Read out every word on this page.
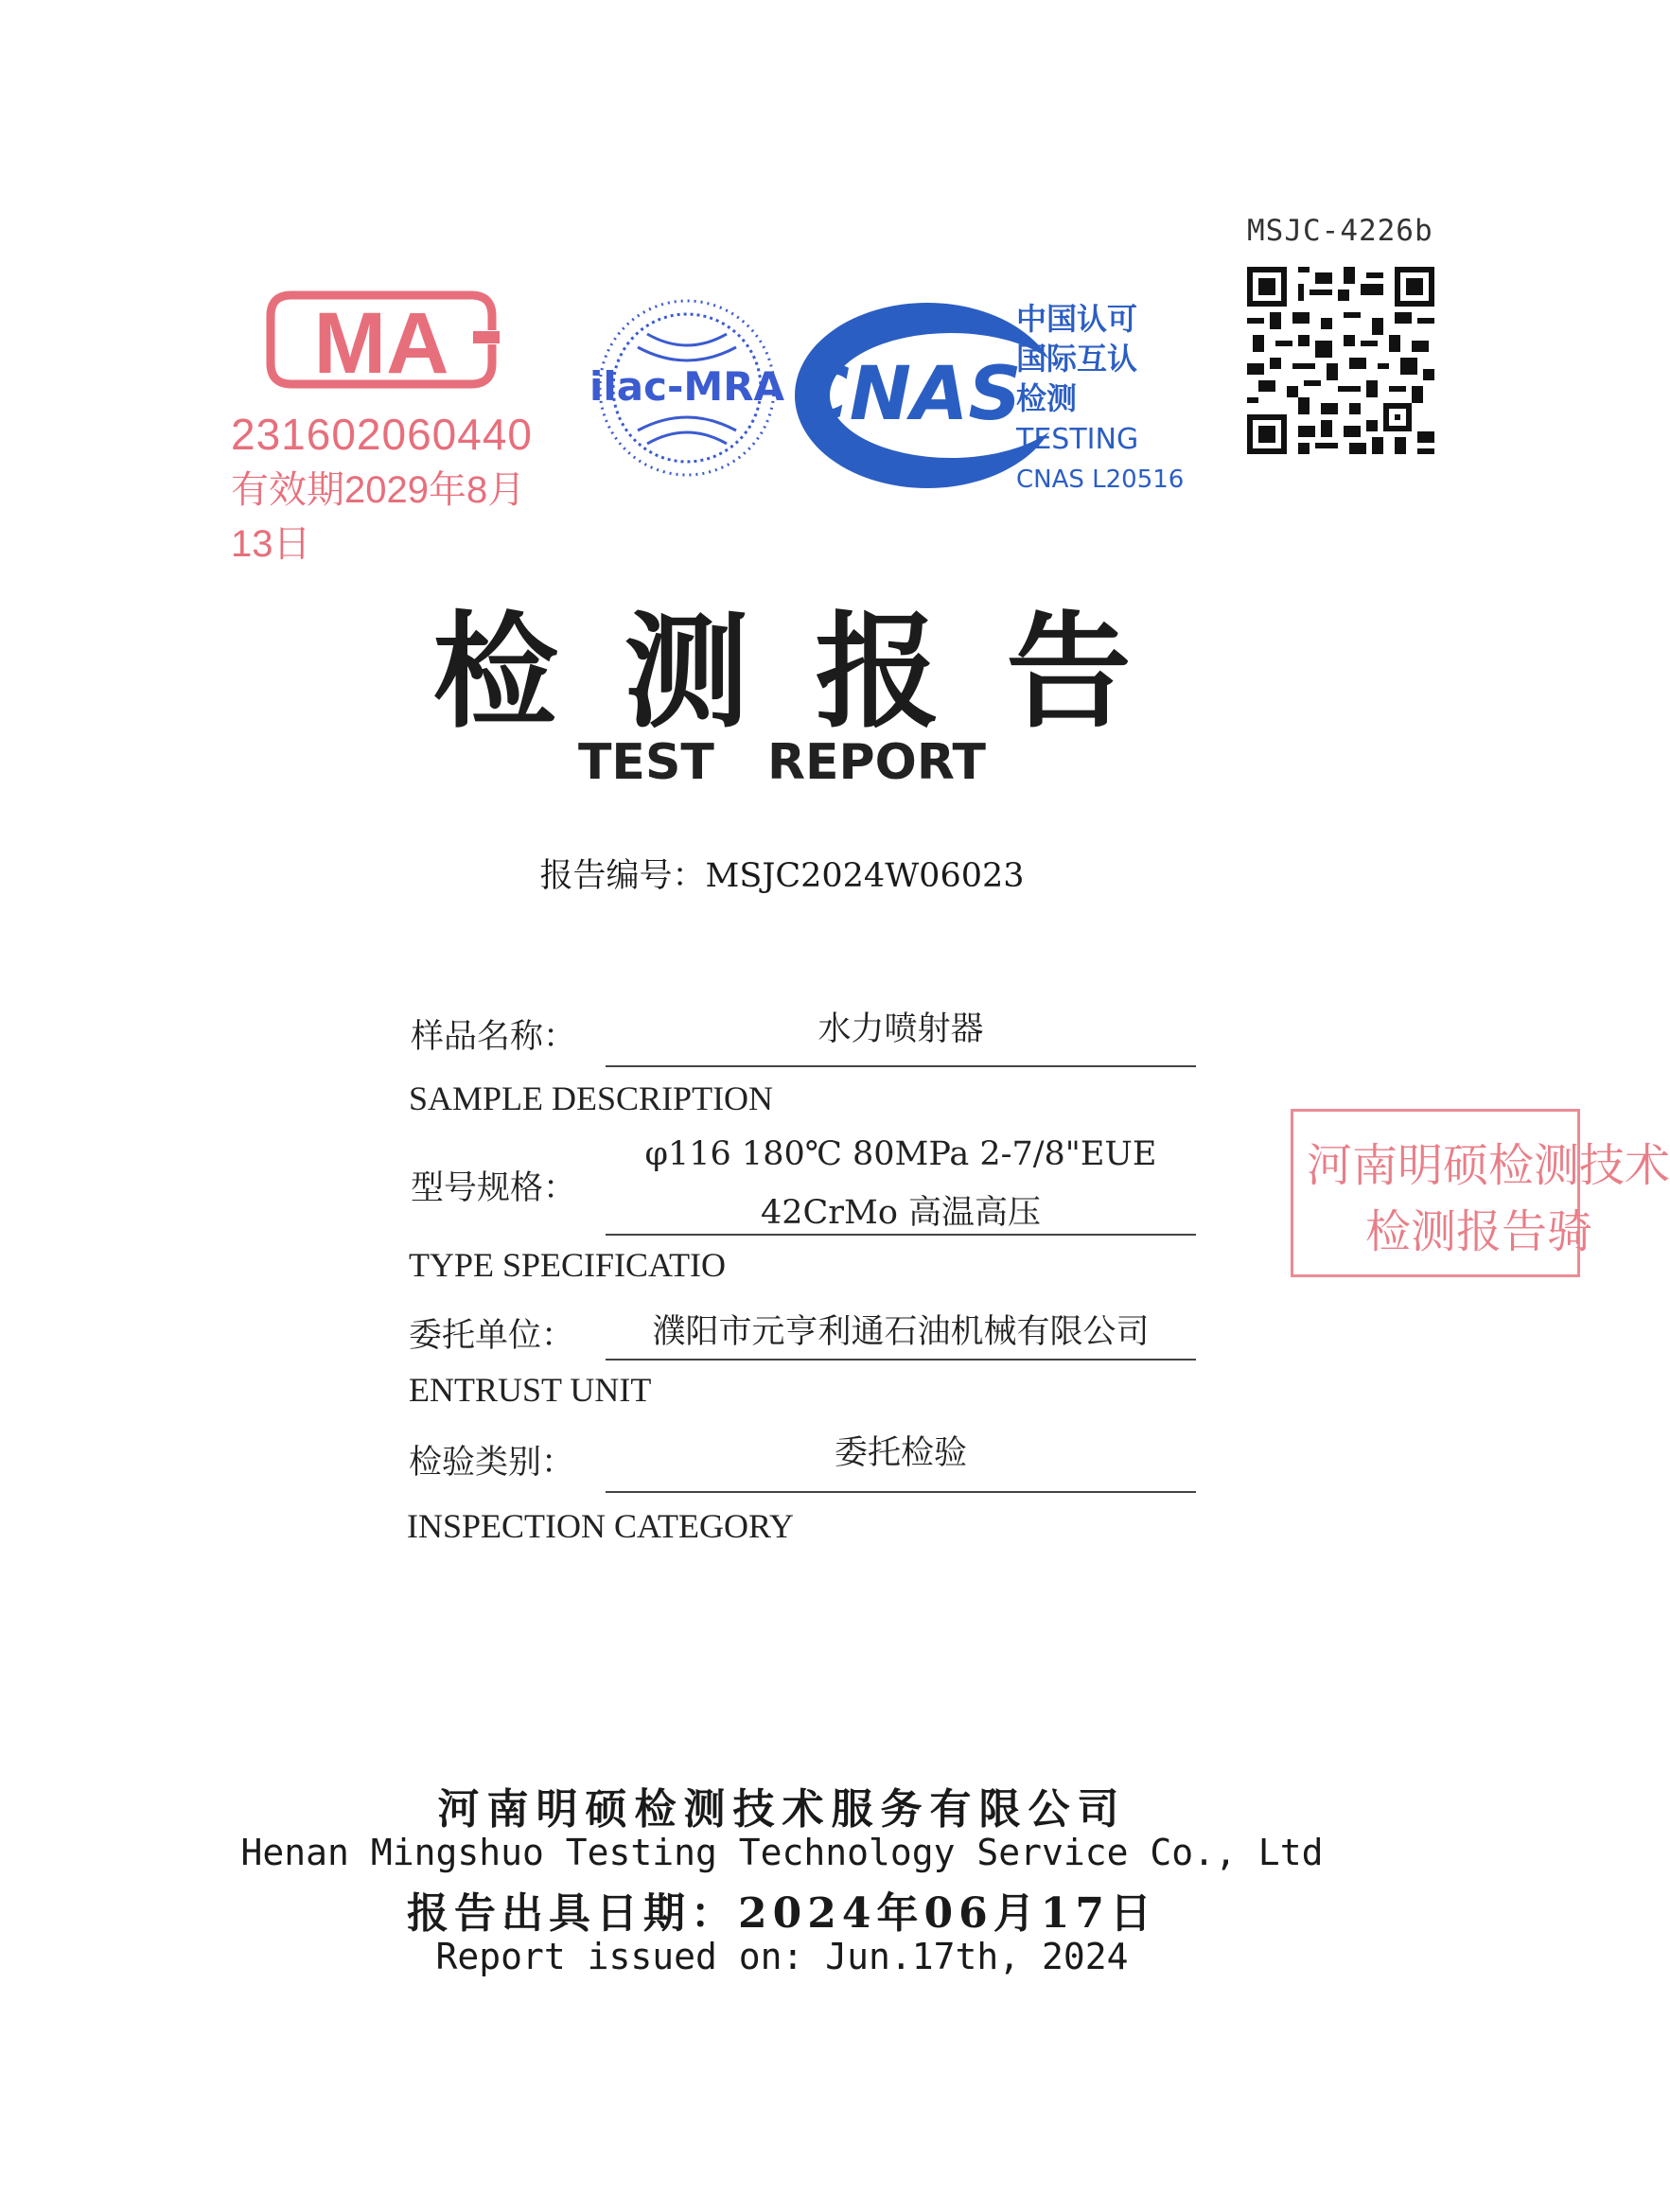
MSJC-4226b
MA
231602060440
有效期2029年8月13日
ilac-MRA CNAS
中国认可
国际互认
检测
TESTING
CNAS L20516
检测报告
TEST REPORT
报告编号：MSJC2024W06023
样品名称：	水力喷射器
SAMPLE DESCRIPTION
型号规格：
φ116 180℃ 80MPa 2-7/8"EUE
42CrMo 高温高压
TYPE SPECIFICATIO
委托单位：	濮阳市元亨利通石油机械有限公司
ENTRUST UNIT
检验类别：	委托检验
INSPECTION CATEGORY
河南明硕检测技术
检测报告骑
河南明硕检测技术服务有限公司
Henan Mingshuo Testing Technology Service Co., Ltd
报告出具日期：2024年06月17日
Report issued on: Jun.17th, 2024
